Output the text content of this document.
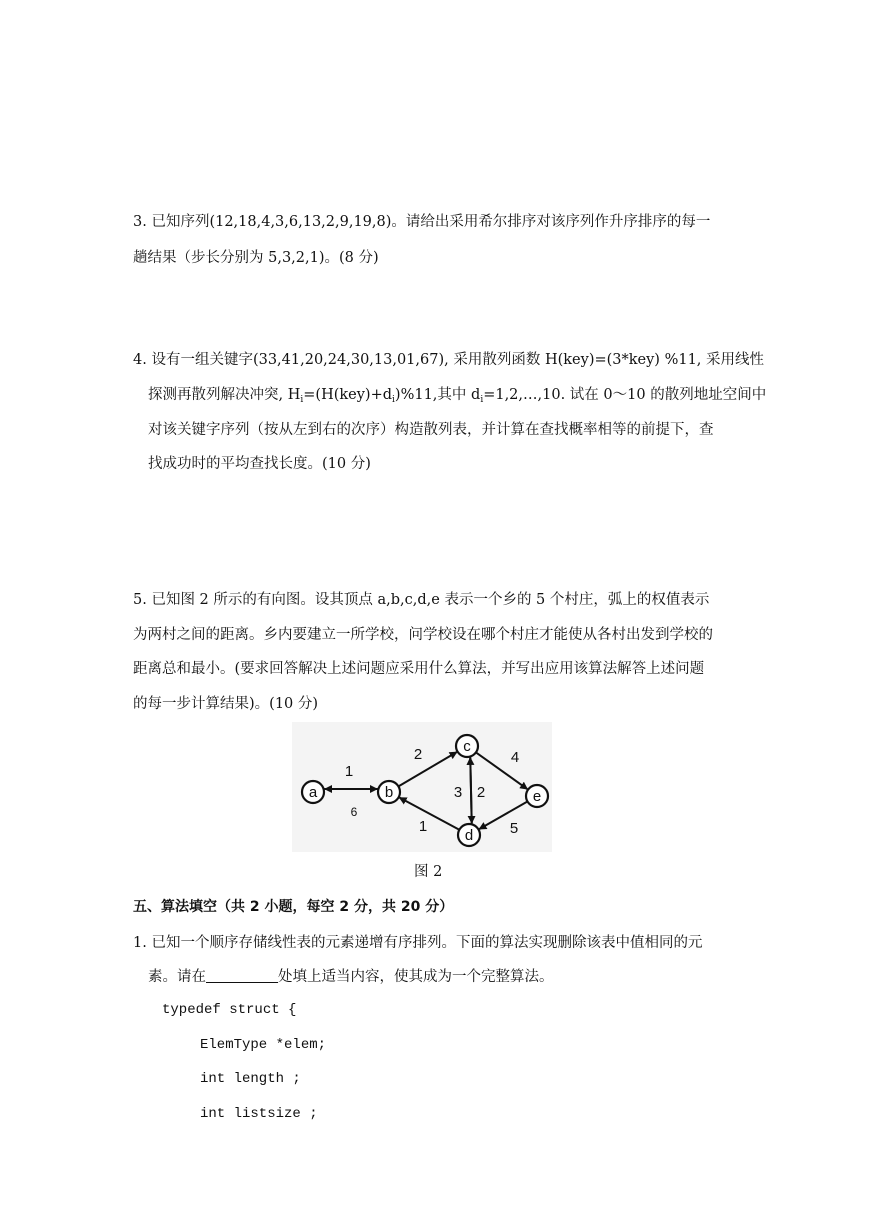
3. 已知序列(12,18,4,3,6,13,2,9,19,8)。请给出采用希尔排序对该序列作升序排序的每一
趟结果（步长分别为 5,3,2,1)。(8 分)
4. 设有一组关键字(33,41,20,24,30,13,01,67), 采用散列函数 H(key)=(3*key) %11, 采用线性
探测再散列解决冲突, $H_i=(H(key)+d_i)\%11$,其中 $d_i=1,2,\dots,10$. 试在 0～10 的散列地址空间中
对该关键字序列（按从左到右的次序）构造散列表，并计算在查找概率相等的前提下，查
找成功时的平均查找长度。(10 分)
5. 已知图 2 所示的有向图。设其顶点 a,b,c,d,e 表示一个乡的 5 个村庄，弧上的权值表示
为两村之间的距离。乡内要建立一所学校，问学校设在哪个村庄才能使从各村出发到学校的
距离总和最小。(要求回答解决上述问题应采用什么算法，并写出应用该算法解答上述问题
的每一步计算结果)。(10 分)
a	b
c
d
e
1
6
2	4
3 2
1	5
图 2
五、算法填空（共 2 小题，每空 2 分，共 20 分）
1. 已知一个顺序存储线性表的元素递增有序排列。下面的算法实现删除该表中值相同的元
素。请在	处填上适当内容，使其成为一个完整算法。
typedef struct {
ElemType *elem;
int length ;
int listsize ;
